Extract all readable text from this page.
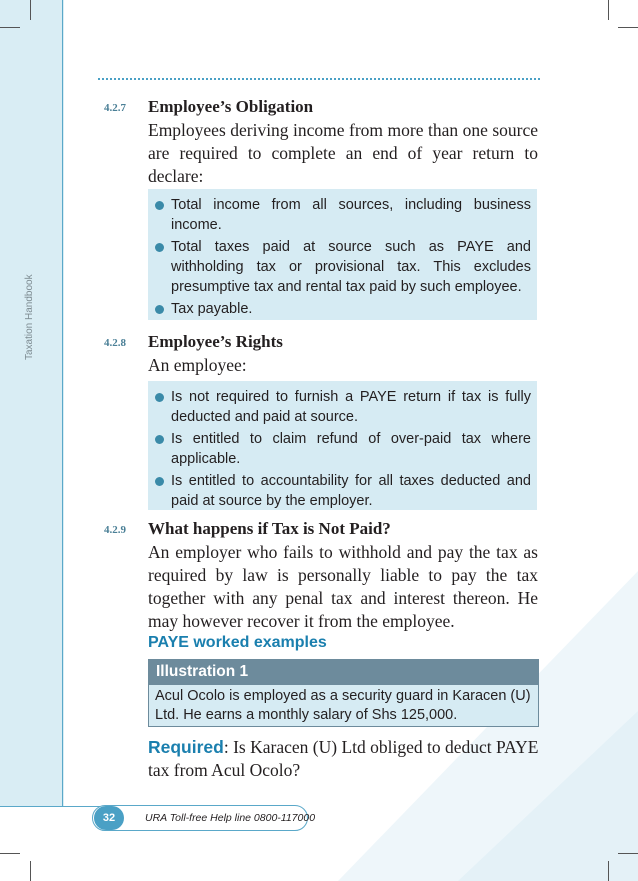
Taxation Handbook
4.2.7 Employee’s Obligation
Employees deriving income from more than one source are required to complete an end of year return to declare:
Total income from all sources, including business income.
Total taxes paid at source such as PAYE and withholding tax or provisional tax. This excludes presumptive tax and rental tax paid by such employee.
Tax payable.
4.2.8 Employee’s Rights
An employee:
Is not required to furnish a PAYE return if tax is fully deducted and paid at source.
Is entitled to claim refund of over-paid tax where applicable.
Is entitled to accountability for all taxes deducted and paid at source by the employer.
4.2.9 What happens if Tax is Not Paid?
An employer who fails to withhold and pay the tax as required by law is personally liable to pay the tax together with any penal tax and interest thereon. He may however recover it from the employee.
PAYE worked examples
Illustration 1
Acul Ocolo is employed as a security guard in Karacen (U) Ltd. He earns a monthly salary of Shs 125,000.
Required: Is Karacen (U) Ltd obliged to deduct PAYE tax from Acul Ocolo?
32	URA Toll-free Help line 0800-117000
